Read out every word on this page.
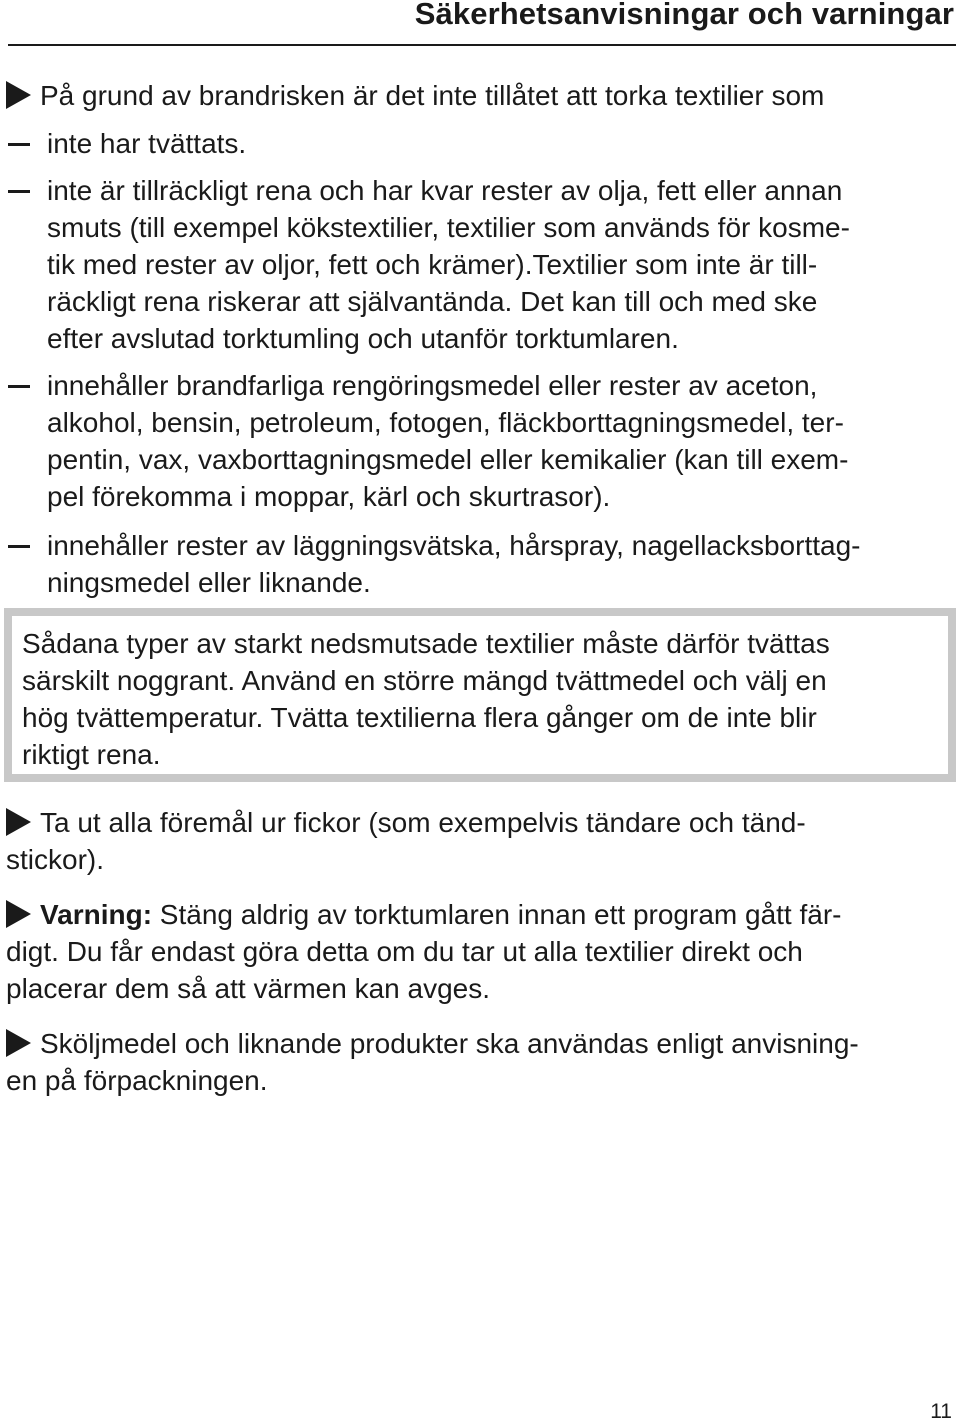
Säkerhetsanvisningar och varningar
På grund av brandrisken är det inte tillåtet att torka textilier som
inte har tvättats.
inte är tillräckligt rena och har kvar rester av olja, fett eller annan
smuts (till exempel kökstextilier, textilier som används för kosme-
tik med rester av oljor, fett och krämer).Textilier som inte är till-
räckligt rena riskerar att självantända. Det kan till och med ske
efter avslutad torktumling och utanför torktumlaren.
innehåller brandfarliga rengöringsmedel eller rester av aceton,
alkohol, bensin, petroleum, fotogen, fläckborttagningsmedel, ter-
pentin, vax, vaxborttagningsmedel eller kemikalier (kan till exem-
pel förekomma i moppar, kärl och skurtrasor).
innehåller rester av läggningsvätska, hårspray, nagellacksborttag-
ningsmedel eller liknande.
Sådana typer av starkt nedsmutsade textilier måste därför tvättas
särskilt noggrant. Använd en större mängd tvättmedel och välj en
hög tvättemperatur. Tvätta textilierna flera gånger om de inte blir
riktigt rena.
Ta ut alla föremål ur fickor (som exempelvis tändare och tänd-
stickor).
Varning: Stäng aldrig av torktumlaren innan ett program gått fär-
digt. Du får endast göra detta om du tar ut alla textilier direkt och
placerar dem så att värmen kan avges.
Sköljmedel och liknande produkter ska användas enligt anvisning-
en på förpackningen.
11
